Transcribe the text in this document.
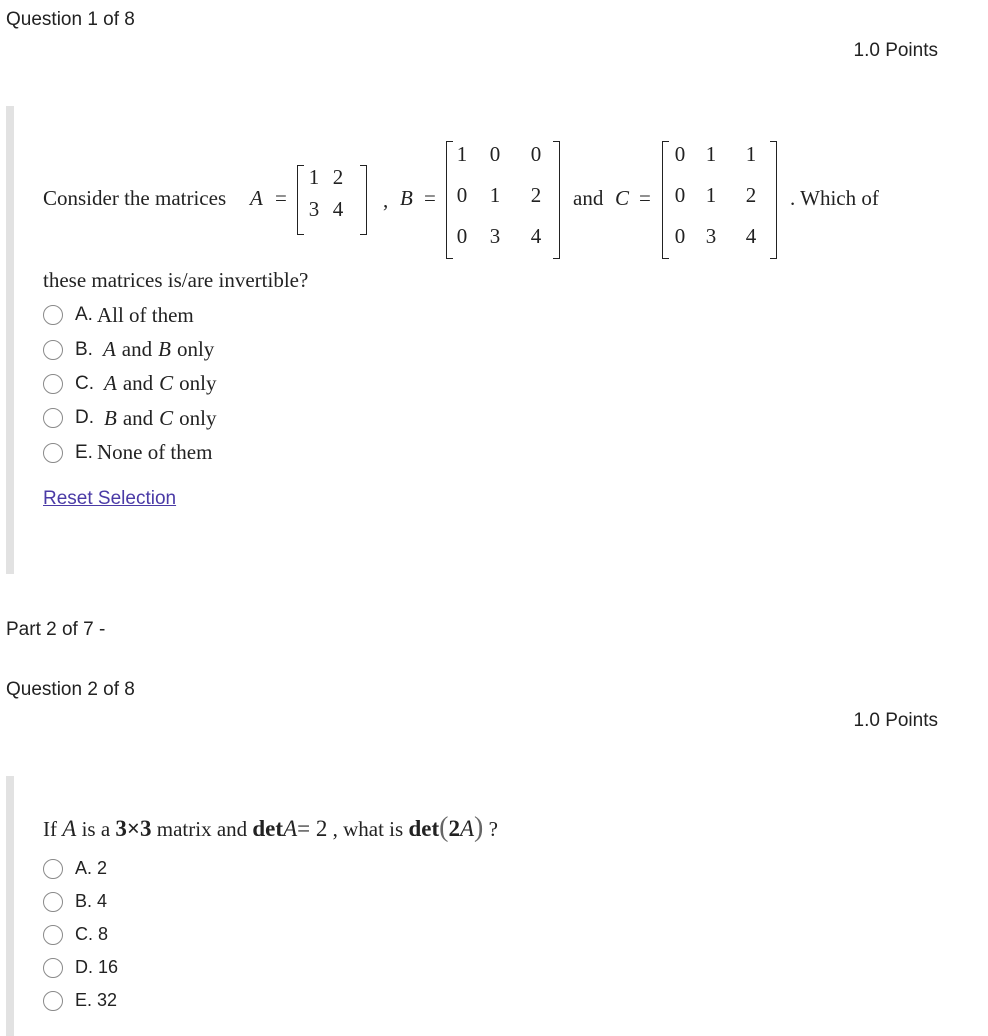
Question 1 of 8
1.0 Points
Consider the matrices A =
1 2
3 4	, B =
1	0	0
0	1	2
0	3	4
and C =
0 1	1
0 1	2
0 3	4
. Which of
these matrices is/are invertible?
A. All of them
B. A and B only
C. A and C only
D. B and C only
E. None of them
Reset Selection
Part 2 of 7 -
Question 2 of 8
1.0 Points
If A is a 3×3 matrix and detA= 2 , what is det(2A) ?
A. 2
B. 4
C. 8
D. 16
E. 32
